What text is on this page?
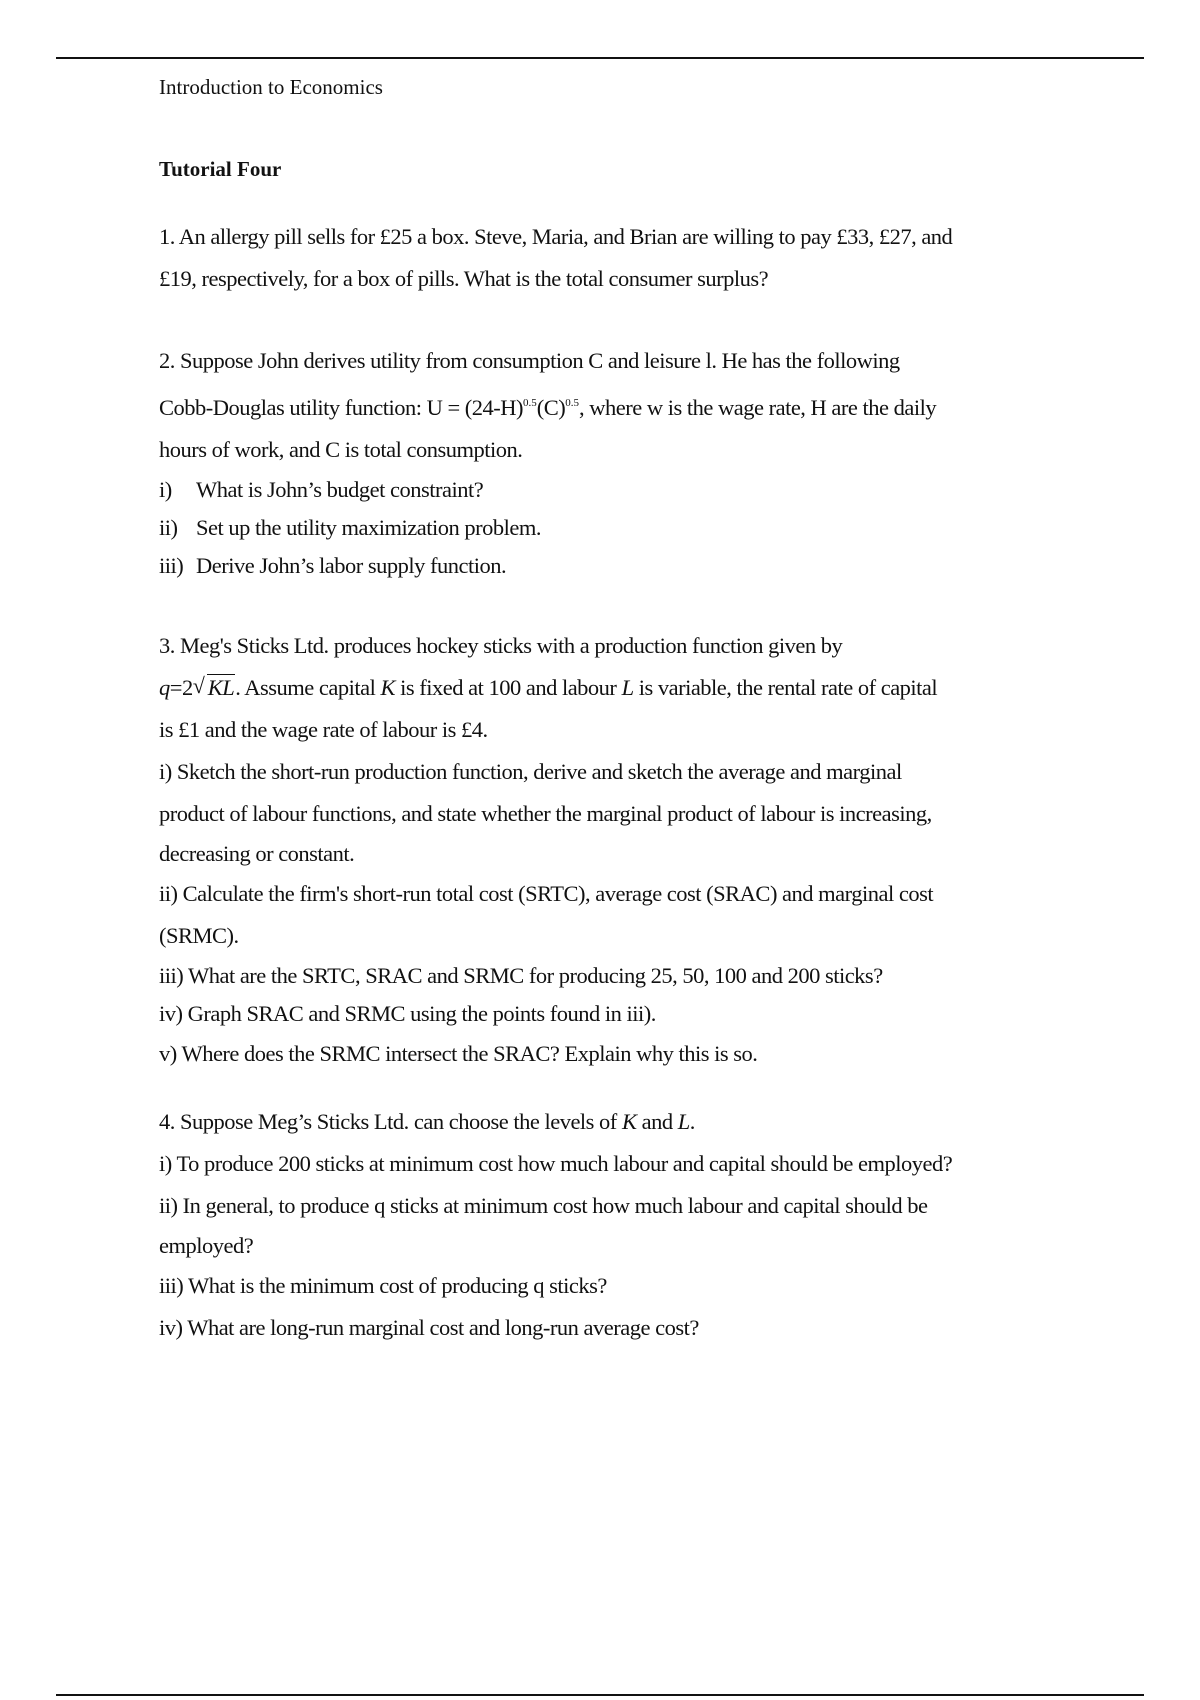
Introduction to Economics

Tutorial Four

1. An allergy pill sells for £25 a box. Steve, Maria, and Brian are willing to pay £33, £27, and

£19, respectively, for a box of pills. What is the total consumer surplus?

2. Suppose John derives utility from consumption C and leisure l. He has the following

Cobb-Douglas utility function: $U = (24-H)^{0.5}(C)^{0.5}$, where w is the wage rate, H are the daily

hours of work, and C is total consumption.

i) What is John’s budget constraint?

ii) Set up the utility maximization problem.

iii) Derive John’s labor supply function.

3. Meg's Sticks Ltd. produces hockey sticks with a production function given by

q=2 √ KL. Assume capital K is fixed at 100 and labour L is variable, the rental rate of capital

is £1 and the wage rate of labour is £4.

i) Sketch the short-run production function, derive and sketch the average and marginal

product of labour functions, and state whether the marginal product of labour is increasing,

decreasing or constant.

ii) Calculate the firm's short-run total cost (SRTC), average cost (SRAC) and marginal cost

(SRMC).

iii) What are the SRTC, SRAC and SRMC for producing 25, 50, 100 and 200 sticks?

iv) Graph SRAC and SRMC using the points found in iii).

v) Where does the SRMC intersect the SRAC? Explain why this is so.

4. Suppose Meg’s Sticks Ltd. can choose the levels of K and L.

i) To produce 200 sticks at minimum cost how much labour and capital should be employed?

ii) In general, to produce q sticks at minimum cost how much labour and capital should be

employed?

iii) What is the minimum cost of producing q sticks?

iv) What are long-run marginal cost and long-run average cost?
